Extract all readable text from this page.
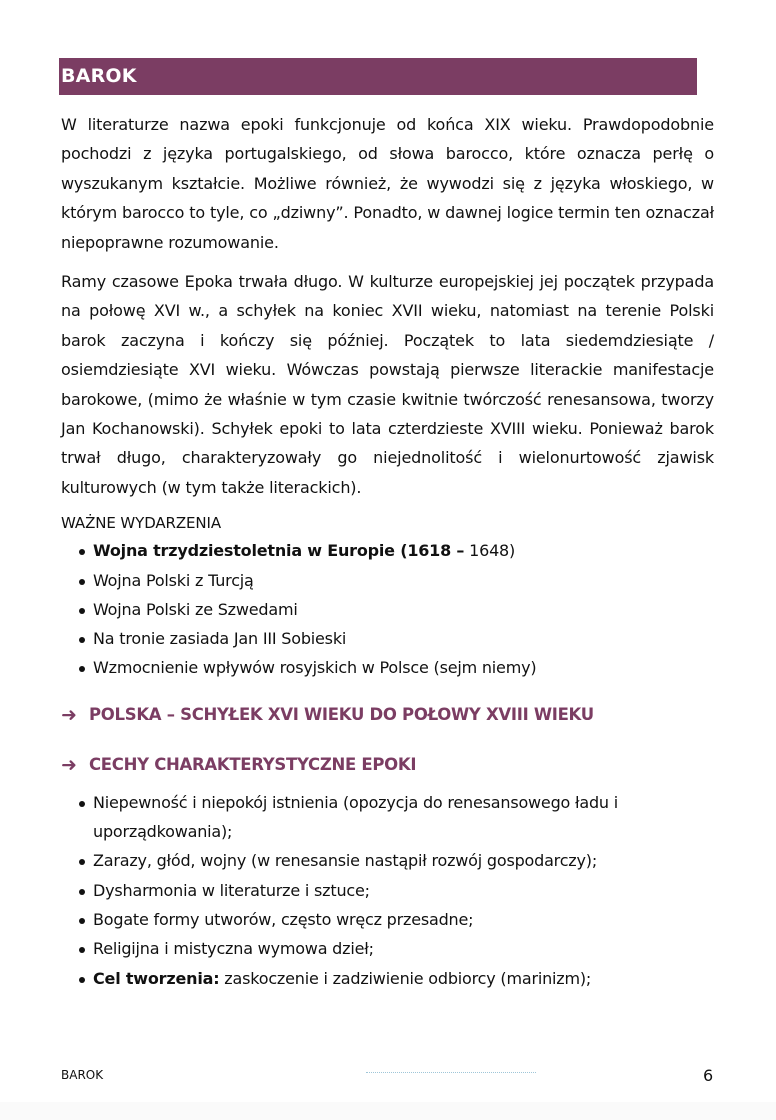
BAROK

W literaturze nazwa epoki funkcjonuje od końca XIX wieku. Prawdopodobnie pochodzi z języka portugalskiego, od słowa barocco, które oznacza perłę o wyszukanym kształcie. Możliwe również, że wywodzi się z języka włoskiego, w którym barocco to tyle, co „dziwny”. Ponadto, w dawnej logice termin ten oznaczał niepoprawne rozumowanie.

Ramy czasowe Epoka trwała długo. W kulturze europejskiej jej początek przypada na połowę XVI w., a schyłek na koniec XVII wieku, natomiast na terenie Polski barok zaczyna i kończy się później. Początek to lata siedemdziesiąte / osiemdziesiąte XVI wieku. Wówczas powstają pierwsze literackie manifestacje barokowe, (mimo że właśnie w tym czasie kwitnie twórczość renesansowa, tworzy Jan Kochanowski). Schyłek epoki to lata czterdzieste XVIII wieku. Ponieważ barok trwał długo, charakteryzowały go niejednolitość i wielonurtowość zjawisk kulturowych (w tym także literackich).

WAŻNE WYDARZENIA
Wojna trzydziestoletnia w Europie (1618 – 1648)
Wojna Polski z Turcją
Wojna Polski ze Szwedami
Na tronie zasiada Jan III Sobieski
Wzmocnienie wpływów rosyjskich w Polsce (sejm niemy)
➜ POLSKA – SCHYŁEK XVI WIEKU DO POŁOWY XVIII WIEKU
➜ CECHY CHARAKTERYSTYCZNE EPOKI
Niepewność i niepokój istnienia (opozycja do renesansowego ładu i uporządkowania);
Zarazy, głód, wojny (w renesansie nastąpił rozwój gospodarczy);
Dysharmonia w literaturze i sztuce;
Bogate formy utworów, często wręcz przesadne;
Religijna i mistyczna wymowa dzieł;
Cel tworzenia: zaskoczenie i zadziwienie odbiorcy (marinizm);
BAROK	6
